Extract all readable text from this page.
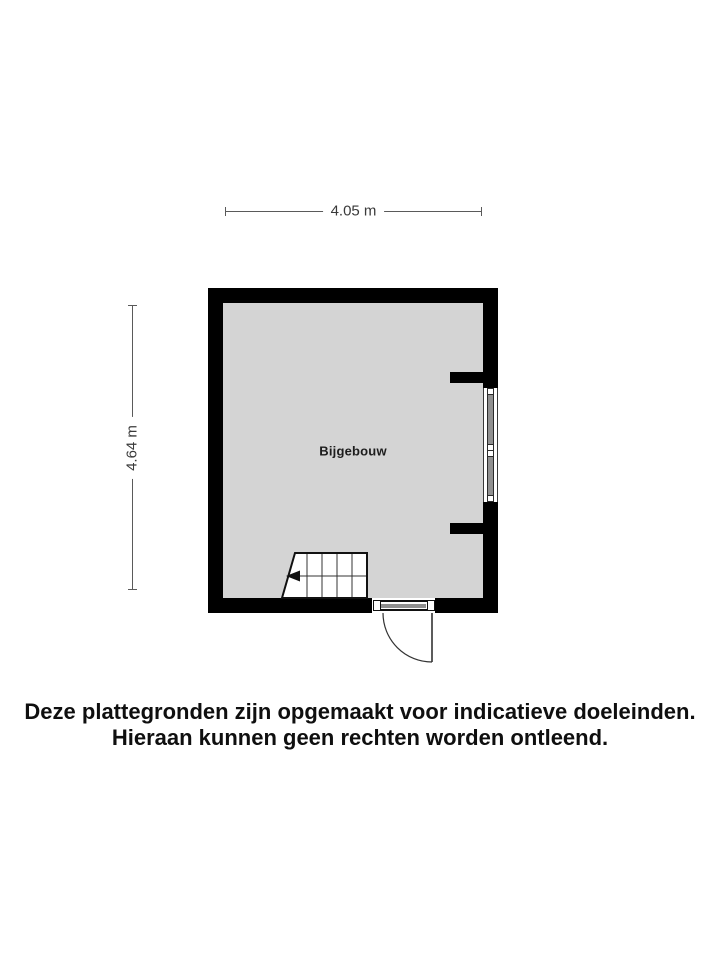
4.05 m
4.64 m	Bijgebouw
Deze plattegronden zijn opgemaakt voor indicatieve doeleinden.
Hieraan kunnen geen rechten worden ontleend.
